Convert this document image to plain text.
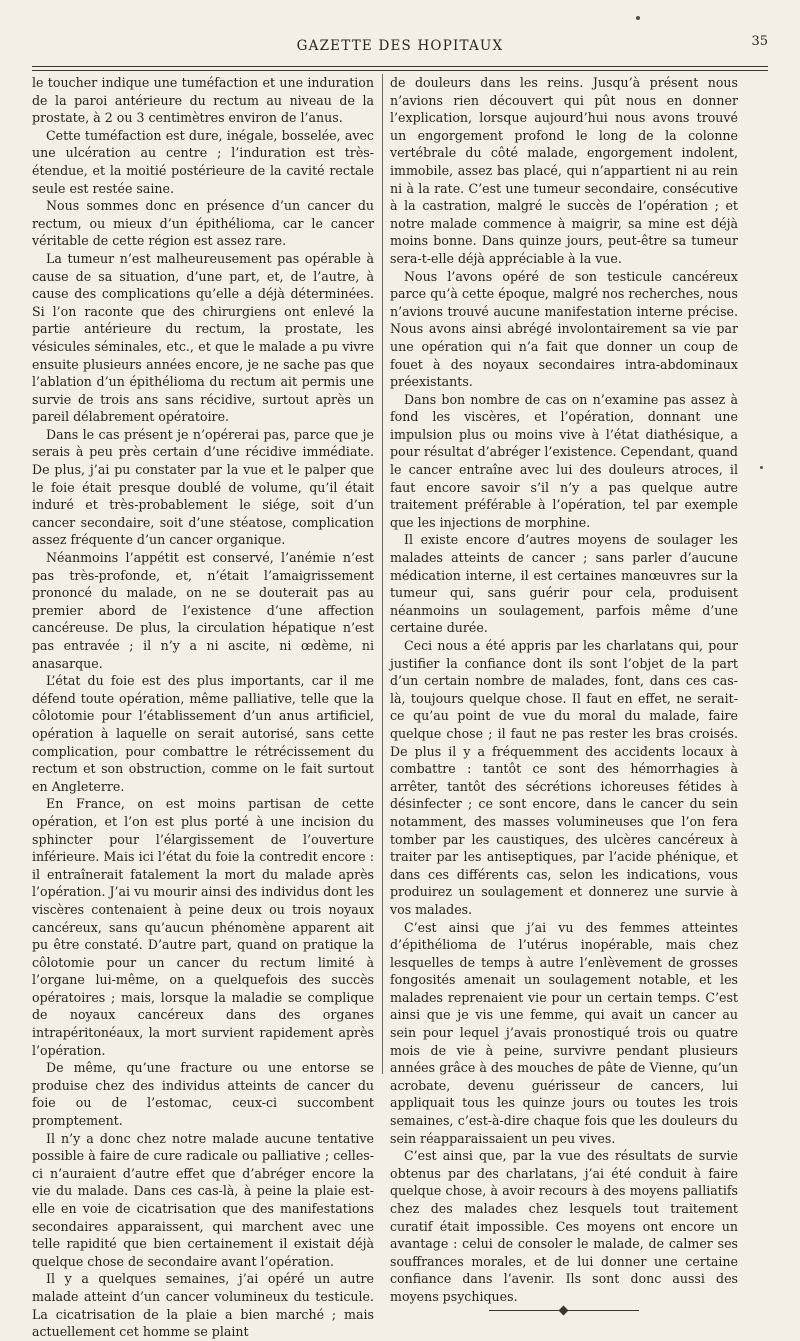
GAZETTE DES HOPITAUX	35

le toucher indique une tuméfaction et une induration de la paroi antérieure du rectum au niveau de la prostate, à 2 ou 3 centimètres environ de l’anus.

Cette tuméfaction est dure, inégale, bosselée, avec une ulcération au centre ; l’induration est très-étendue, et la moitié postérieure de la cavité rectale seule est restée saine.

Nous sommes donc en présence d’un cancer du rectum, ou mieux d’un épithélioma, car le cancer véritable de cette région est assez rare.

La tumeur n’est malheureusement pas opérable à cause de sa situation, d’une part, et, de l’autre, à cause des complications qu’elle a déjà déterminées. Si l’on raconte que des chirurgiens ont enlevé la partie antérieure du rectum, la prostate, les vésicules séminales, etc., et que le malade a pu vivre ensuite plusieurs années encore, je ne sache pas que l’ablation d’un épithélioma du rectum ait permis une survie de trois ans sans récidive, surtout après un pareil délabrement opératoire.

Dans le cas présent je n’opérerai pas, parce que je serais à peu près certain d’une récidive immédiate. De plus, j’ai pu constater par la vue et le palper que le foie était presque doublé de volume, qu’il était induré et très-probablement le siége, soit d’un cancer secondaire, soit d’une stéatose, complication assez fréquente d’un cancer organique.

Néanmoins l’appétit est conservé, l’anémie n’est pas très-profonde, et, n’était l’amaigrissement prononcé du malade, on ne se douterait pas au premier abord de l’existence d’une affection cancéreuse. De plus, la circulation hépatique n’est pas entravée ; il n’y a ni ascite, ni œdème, ni anasarque.

L’état du foie est des plus importants, car il me défend toute opération, même palliative, telle que la côlotomie pour l’établissement d’un anus artificiel, opération à laquelle on serait autorisé, sans cette complication, pour combattre le rétrécissement du rectum et son obstruction, comme on le fait surtout en Angleterre.

En France, on est moins partisan de cette opération, et l’on est plus porté à une incision du sphincter pour l’élargissement de l’ouverture inférieure. Mais ici l’état du foie la contredit encore : il entraînerait fatalement la mort du malade après l’opération. J’ai vu mourir ainsi des individus dont les viscères contenaient à peine deux ou trois noyaux cancéreux, sans qu’aucun phénomène apparent ait pu être constaté. D’autre part, quand on pratique la côlotomie pour un cancer du rectum limité à l’organe lui-même, on a quelquefois des succès opératoires ; mais, lorsque la maladie se complique de noyaux cancéreux dans des organes intrapéritonéaux, la mort survient rapidement après l’opération.

De même, qu’une fracture ou une entorse se produise chez des individus atteints de cancer du foie ou de l’estomac, ceux-ci succombent promptement.

Il n’y a donc chez notre malade aucune tentative possible à faire de cure radicale ou palliative ; celles-ci n’auraient d’autre effet que d’abréger encore la vie du malade. Dans ces cas-là, à peine la plaie est-elle en voie de cicatrisation que des manifestations secondaires apparaissent, qui marchent avec une telle rapidité que bien certainement il existait déjà quelque chose de secondaire avant l’opération.

Il y a quelques semaines, j’ai opéré un autre malade atteint d’un cancer volumineux du testicule. La cicatrisation de la plaie a bien marché ; mais actuellement cet homme se plaint

de douleurs dans les reins. Jusqu’à présent nous n’avions rien découvert qui pût nous en donner l’explication, lorsque aujourd’hui nous avons trouvé un engorgement profond le long de la colonne vertébrale du côté malade, engorgement indolent, immobile, assez bas placé, qui n’appartient ni au rein ni à la rate. C’est une tumeur secondaire, consécutive à la castration, malgré le succès de l’opération ; et notre malade commence à maigrir, sa mine est déjà moins bonne. Dans quinze jours, peut-être sa tumeur sera-t-elle déjà appréciable à la vue.

Nous l’avons opéré de son testicule cancéreux parce qu’à cette époque, malgré nos recherches, nous n’avions trouvé aucune manifestation interne précise. Nous avons ainsi abrégé involontairement sa vie par une opération qui n’a fait que donner un coup de fouet à des noyaux secondaires intra-abdominaux préexistants.

Dans bon nombre de cas on n’examine pas assez à fond les viscères, et l’opération, donnant une impulsion plus ou moins vive à l’état diathésique, a pour résultat d’abréger l’existence. Cependant, quand le cancer entraîne avec lui des douleurs atroces, il faut encore savoir s’il n’y a pas quelque autre traitement préférable à l’opération, tel par exemple que les injections de morphine.

Il existe encore d’autres moyens de soulager les malades atteints de cancer ; sans parler d’aucune médication interne, il est certaines manœuvres sur la tumeur qui, sans guérir pour cela, produisent néanmoins un soulagement, parfois même d’une certaine durée.

Ceci nous a été appris par les charlatans qui, pour justifier la confiance dont ils sont l’objet de la part d’un certain nombre de malades, font, dans ces cas-là, toujours quelque chose. Il faut en effet, ne serait-ce qu’au point de vue du moral du malade, faire quelque chose ; il faut ne pas rester les bras croisés. De plus il y a fréquemment des accidents locaux à combattre : tantôt ce sont des hémorrhagies à arrêter, tantôt des sécrétions ichoreuses fétides à désinfecter ; ce sont encore, dans le cancer du sein notamment, des masses volumineuses que l’on fera tomber par les caustiques, des ulcères cancéreux à traiter par les antiseptiques, par l’acide phénique, et dans ces différents cas, selon les indications, vous produirez un soulagement et donnerez une survie à vos malades.

C’est ainsi que j’ai vu des femmes atteintes d’épithélioma de l’utérus inopérable, mais chez lesquelles de temps à autre l’enlèvement de grosses fongosités amenait un soulagement notable, et les malades reprenaient vie pour un certain temps. C’est ainsi que je vis une femme, qui avait un cancer au sein pour lequel j’avais pronostiqué trois ou quatre mois de vie à peine, survivre pendant plusieurs années grâce à des mouches de pâte de Vienne, qu’un acrobate, devenu guérisseur de cancers, lui appliquait tous les quinze jours ou toutes les trois semaines, c’est-à-dire chaque fois que les douleurs du sein réapparaissaient un peu vives.

C’est ainsi que, par la vue des résultats de survie obtenus par des charlatans, j’ai été conduit à faire quelque chose, à avoir recours à des moyens palliatifs chez des malades chez lesquels tout traitement curatif était impossible. Ces moyens ont encore un avantage : celui de consoler le malade, de calmer ses souffrances morales, et de lui donner une certaine confiance dans l’avenir. Ils sont donc aussi des moyens psychiques.
